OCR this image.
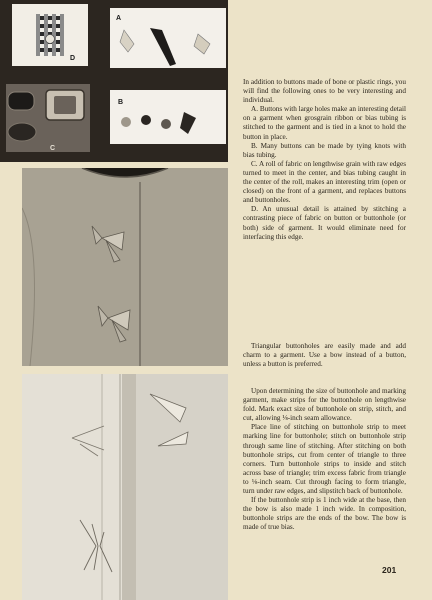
D
A
C
B

In addition to buttons made of bone or plastic rings, you will find the following ones to be very interesting and individual.

A. Buttons with large holes make an interesting detail on a garment when grosgrain ribbon or bias tubing is stitched to the garment and is tied in a knot to hold the button in place.

B. Many buttons can be made by tying knots with bias tubing.

C. A roll of fabric on lengthwise grain with raw edges turned to meet in the center, and bias tubing caught in the center of the roll, makes an interesting trim (open or closed) on the front of a garment, and replaces buttons and buttonholes.

D. An unusual detail is attained by stitching a contrasting piece of fabric on button or buttonhole (or both) side of garment. It would eliminate need for interfacing this edge.

Triangular buttonholes are easily made and add charm to a garment. Use a bow instead of a button, unless a button is preferred.

Upon determining the size of buttonhole and marking garment, make strips for the buttonhole on lengthwise fold. Mark exact size of buttonhole on strip, stitch, and cut, allowing ⅛-inch seam allowance.

Place line of stitching on buttonhole strip to meet marking line for buttonhole; stitch on buttonhole strip through same line of stitching. After stitching on both buttonhole strips, cut from center of triangle to three corners. Turn buttonhole strips to inside and stitch across base of triangle; trim excess fabric from triangle to ⅛-inch seam. Cut through facing to form triangle, turn under raw edges, and slipstitch back of buttonhole.

If the buttonhole strip is 1 inch wide at the base, then the bow is also made 1 inch wide. In composition, buttonhole strips are the ends of the bow. The bow is made of true bias.

201
